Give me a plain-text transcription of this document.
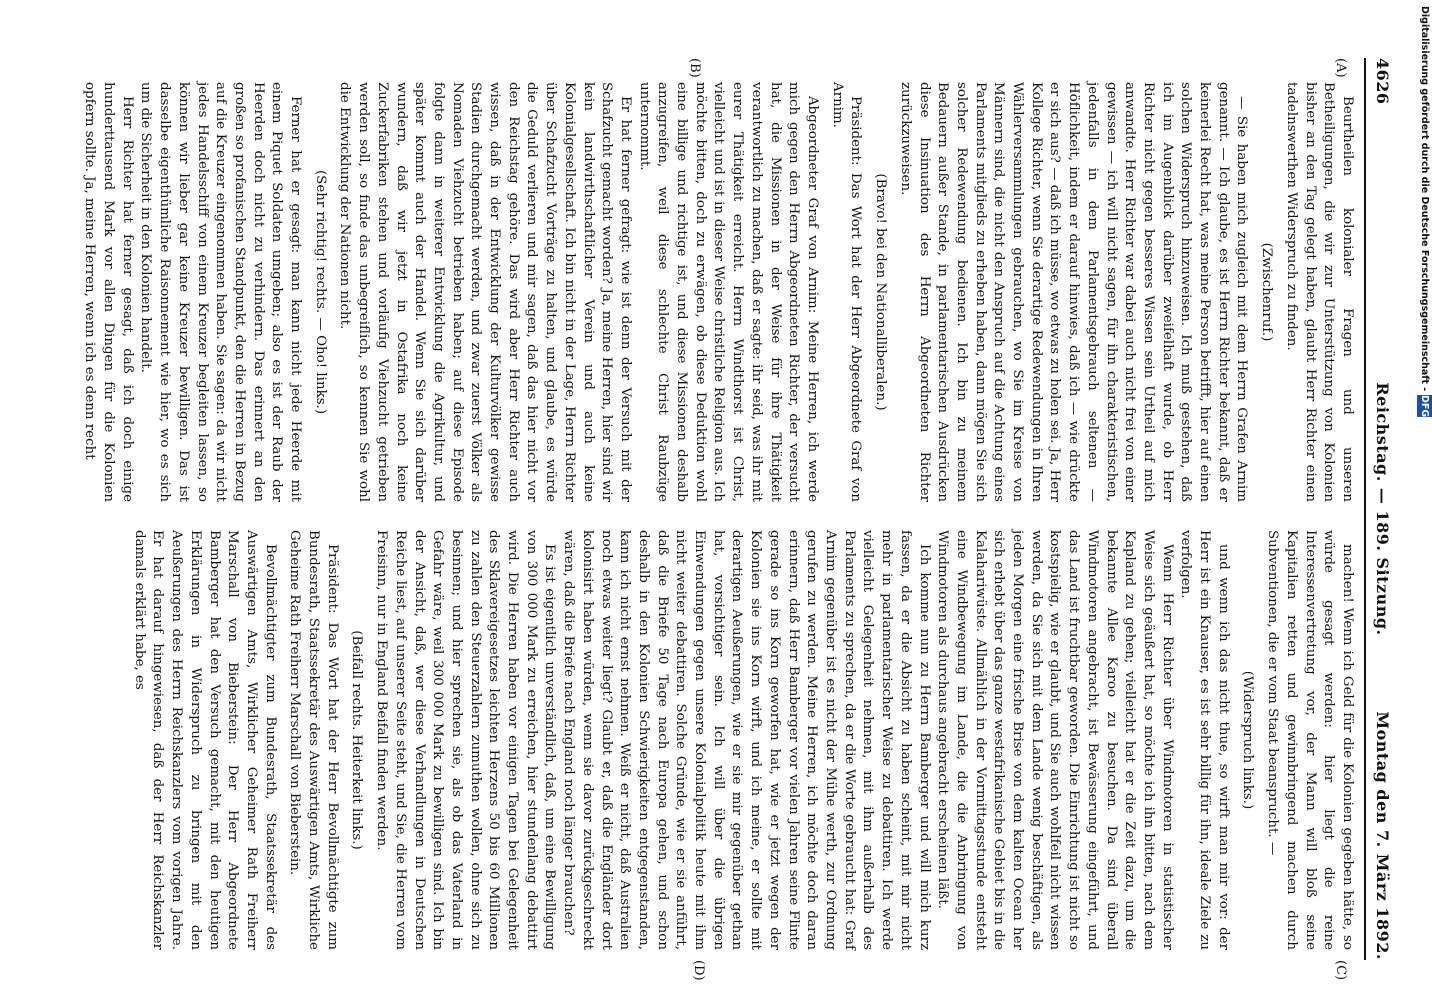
4626
Reichstag. — 189. Sitzung.
Montag den 7. März 1892.
(A)
(B)
(C)
(D)

Beurtheilen kolonialer Fragen und unseren Betheiligungen, die wir zur Unterstützung von Kolonien bisher an den Tag gelegt haben, glaubt Herr Richter einen tadelnswerthen Widerspruch zu finden.

(Zwischenruf.)

— Sie haben mich zugleich mit dem Herrn Grafen Arnim genannt. — Ich glaube, es ist Herrn Richter bekannt, daß er keinerlei Recht hat, was meine Person betrifft, hier auf einen solchen Widerspruch hinzuweisen. Ich muß gestehen, daß ich im Augenblick darüber zweifelhaft wurde, ob Herr Richter nicht gegen besseres Wissen sein Urtheil auf mich anwandte. Herr Richter war dabei auch nicht frei von einer gewissen — ich will nicht sagen, für ihn charakteristischen, jedenfalls in dem Parlamentsgebrauch seltenen — Höflichkeit, indem er darauf hinwies, daß ich — wie drückte er sich aus? — daß ich müsse, wo etwas zu holen sei. Ja, Herr Kollege Richter, wenn Sie derartige Redewendungen in Ihren Wählerversammlungen gebrauchen, wo Sie im Kreise von Männern sind, die nicht den Anspruch auf die Achtung eines Parlaments mitglieds zu erheben haben, dann mögen Sie sich solcher Redewendung bedienen. Ich bin zu meinem Bedauern außer Stande, in parlamentarischen Ausdrücken diese Insinuation des Herrn Abgeordneten Richter zurückzuweisen.

(Bravo! bei den Nationalliberalen.)

Präsident: Das Wort hat der Herr Abgeordnete Graf von Arnim.

Abgeordneter Graf von Arnim: Meine Herren, ich werde mich gegen den Herrn Abgeordneten Richter, der versucht hat, die Missionen in der Weise für ihre Thätigkeit verantwortlich zu machen, daß er sagte: ihr seid, was ihr mit eurer Thätigkeit erreicht. Herrn Windthorst ist Christ, vielleicht und ist in dieser Weise christliche Religion aus. Ich möchte bitten, doch zu erwägen, ob diese Deduktion wohl eine billige und richtige ist, und diese Missionen deshalb anzugreifen, weil diese schlechte Christ Raubzüge unternommt.

Er hat ferner gefragt: wie ist denn der Versuch mit der Schafzucht gemacht worden? Ja, meine Herren, hier sind wir kein landwirthschaftlicher Verein und auch keine Kolonialgesellschaft. Ich bin nicht in der Lage, Herrn Richter über Schafzucht Vorträge zu halten, und glaube, es würde die Geduld verlieren und mir sagen, daß das hier nicht vor den Reichstag gehöre. Das wird aber Herr Richter auch wissen, daß in der Entwicklung der Kulturvölker gewisse Stadien durchgemacht werden, und zwar zuerst Völker als Nomaden Viehzucht betrieben haben; auf diese Episode folgte dann in weiterer Entwicklung die Agrikultur, und später kommt auch der Handel. Wenn Sie sich darüber wundern, daß wir jetzt in Ostafrika noch keine Zuckerfabriken stehen und vorläufig Viehzucht getrieben werden soll, so finde das unbegreiflich, so kennen Sie wohl die Entwicklung der Nationen nicht.

(Sehr richtig! rechts. — Oho! links.)

Ferner hat er gesagt: man kann nicht jede Heerde mit einem Piquet Soldaten umgeben; also es ist der Raub der Heerden doch nicht zu verhindern. Das erinnert an den großen so profanischen Standpunkt, den die Herren in Bezug auf die Kreuzer eingenommen haben. Sie sagen: da wir nicht jedes Handelsschiff von einem Kreuzer begleiten lassen, so können wir lieber gar keine Kreuzer bewilligen. Das ist dasselbe eigenthümliche Raisonnement wie hier, wo es sich um die Sicherheit in den Kolonien handelt.

Herr Richter hat ferner gesagt, daß ich doch einige hunderttausend Mark vor allen Dingen für die Kolonien opfern sollte. Ja, meine Herren, wenn ich es denn recht

machen! Wenn ich Geld für die Kolonien gegeben hätte, so würde gesagt werden: hier liegt die reine Interessenvertretung vor, der Mann will bloß seine Kapitalien retten und gewinnbringend machen durch Subventionen, die er vom Staat beansprucht. —

(Widerspruch links.)

und wenn ich das nicht thue, so wirft man mir vor: der Herr ist ein Knauser, es ist sehr billig für ihn, ideale Ziele zu verfolgen.

Wenn Herr Richter über Windmotoren in statistischer Weise sich geäußert hat, so möchte ich ihn bitten, nach dem Kapland zu gehen; vielleicht hat er die Zeit dazu, um die bekannte Allee Karoo zu besuchen. Da sind überall Windmotoren angebracht, ist Bewässerung eingeführt, und das Land ist fruchtbar geworden. Die Einrichtung ist nicht so kostspielig, wie er glaubt, und Sie auch wohlfeil nicht wissen werden, da Sie sich mit dem Lande wenig beschäftigen, als jeden Morgen eine frische Brise von dem kalten Ocean her sich erhebt über das ganze westafrikanische Gebiet bis in die Kalahariwüste. Allmählich in der Vormittagsstunde entsteht eine Windbewegung im Lande, die die Anbringung von Windmotoren als durchaus angebracht erscheinen läßt.

Ich komme nun zu Herrn Bamberger und will mich kurz fassen, da er die Absicht zu haben scheint, mit mir nicht mehr in parlamentarischer Weise zu debattiren. Ich werde vielleicht Gelegenheit nehmen, mit ihm außerhalb des Parlaments zu sprechen, da er die Worte gebraucht hat: Graf Arnim gegenüber ist es nicht der Mühe werth, zur Ordnung gerufen zu werden. Meine Herren, ich möchte doch daran erinnern, daß Herr Bamberger vor vielen Jahren seine Flinte gerade so ins Korn geworfen hat, wie er jetzt wegen der Kolonien sie ins Korn wirft, und ich meine, er sollte mit derartigen Aeußerungen, wie er sie mir gegenüber gethan hat, vorsichtiger sein. Ich will über die übrigen Einwendungen gegen unsere Kolonialpolitik heute mit ihm nicht weiter debattiren. Solche Gründe, wie er sie anführt, daß die Briefe 50 Tage nach Europa gehen, und schon deshalb in den Kolonien Schwierigkeiten entgegenstanden, kann ich nicht ernst nehmen. Weiß er nicht, daß Australien noch etwas weiter liegt? Glaubt er, daß die Engländer dort kolonisirt haben würden, wenn sie davor zurückgeschreckt wären, daß die Briefe nach England noch länger brauchen?

Es ist eigentlich unverständlich, daß, um eine Bewilligung von 300 000 Mark zu erreichen, hier stundenlang debattirt wird. Die Herren haben vor einigen Tagen bei Gelegenheit des Sklavereigesetzes leichten Herzens 50 bis 60 Millionen zu zahlen den Steuerzahlern zumuthen wollen, ohne sich zu besinnen; und hier sprechen sie, als ob das Vaterland in Gefahr wäre, weil 300 000 Mark zu bewilligen sind. Ich bin der Ansicht, daß, wer diese Verhandlungen in Deutschen Reiche liest, auf unserer Seite steht, und Sie, die Herren vom Freisinn, nur in England Beifall finden werden.

(Beifall rechts. Heiterkeit links.)

Präsident: Das Wort hat der Herr Bevollmächtigte zum Bundesrath, Staatssekretär des Auswärtigen Amts, Wirkliche Geheime Rath Freiherr Marschall von Bieberstein.

Bevollmächtigter zum Bundesrath, Staatssekretär des Auswärtigen Amts, Wirklicher Geheimer Rath Freiherr Marschall von Bieberstein: Der Herr Abgeordnete Bamberger hat den Versuch gemacht, mit den heutigen Erklärungen in Widerspruch zu bringen mit den Aeußerungen des Herrn Reichskanzlers vom vorigen Jahre. Er hat darauf hingewiesen, daß der Herr Reichskanzler damals erklärt habe, es

Digitalisierung gefördert durch die Deutsche Forschungsgemeinschaft - DFG
